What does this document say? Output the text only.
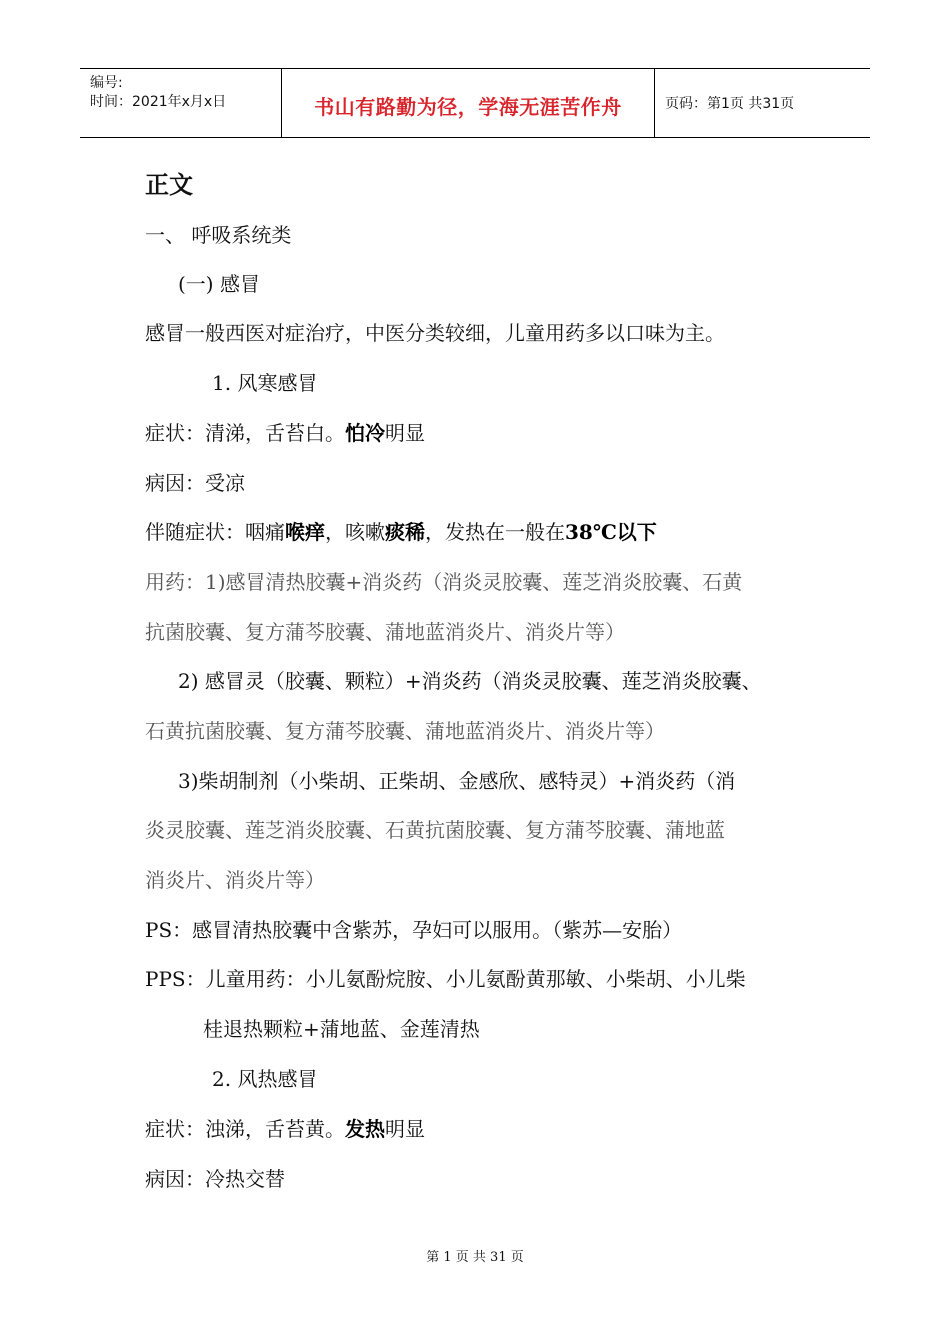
编号:
时间：2021年x月x日	书山有路勤为径，学海无涯苦作舟	页码：第1页 共31页
正文
一、 呼吸系统类
(一) 感冒
感冒一般西医对症治疗，中医分类较细，儿童用药多以口味为主。
1. 风寒感冒
症状：清涕，舌苔白。怕冷明显
病因：受凉
伴随症状：咽痛喉痒，咳嗽痰稀，发热在一般在38℃以下
用药：1)感冒清热胶囊+消炎药（消炎灵胶囊、莲芝消炎胶囊、石黄
抗菌胶囊、复方蒲芩胶囊、蒲地蓝消炎片、消炎片等）
2) 感冒灵（胶囊、颗粒）+消炎药（消炎灵胶囊、莲芝消炎胶囊、
石黄抗菌胶囊、复方蒲芩胶囊、蒲地蓝消炎片、消炎片等）
3)柴胡制剂（小柴胡、正柴胡、金感欣、感特灵）+消炎药（消
炎灵胶囊、莲芝消炎胶囊、石黄抗菌胶囊、复方蒲芩胶囊、蒲地蓝
消炎片、消炎片等）
PS：感冒清热胶囊中含紫苏，孕妇可以服用。（紫苏—安胎）
PPS：儿童用药：小儿氨酚烷胺、小儿氨酚黄那敏、小柴胡、小儿柴
桂退热颗粒+蒲地蓝、金莲清热
2. 风热感冒
症状：浊涕，舌苔黄。发热明显
病因：冷热交替
第 1 页 共 31 页
